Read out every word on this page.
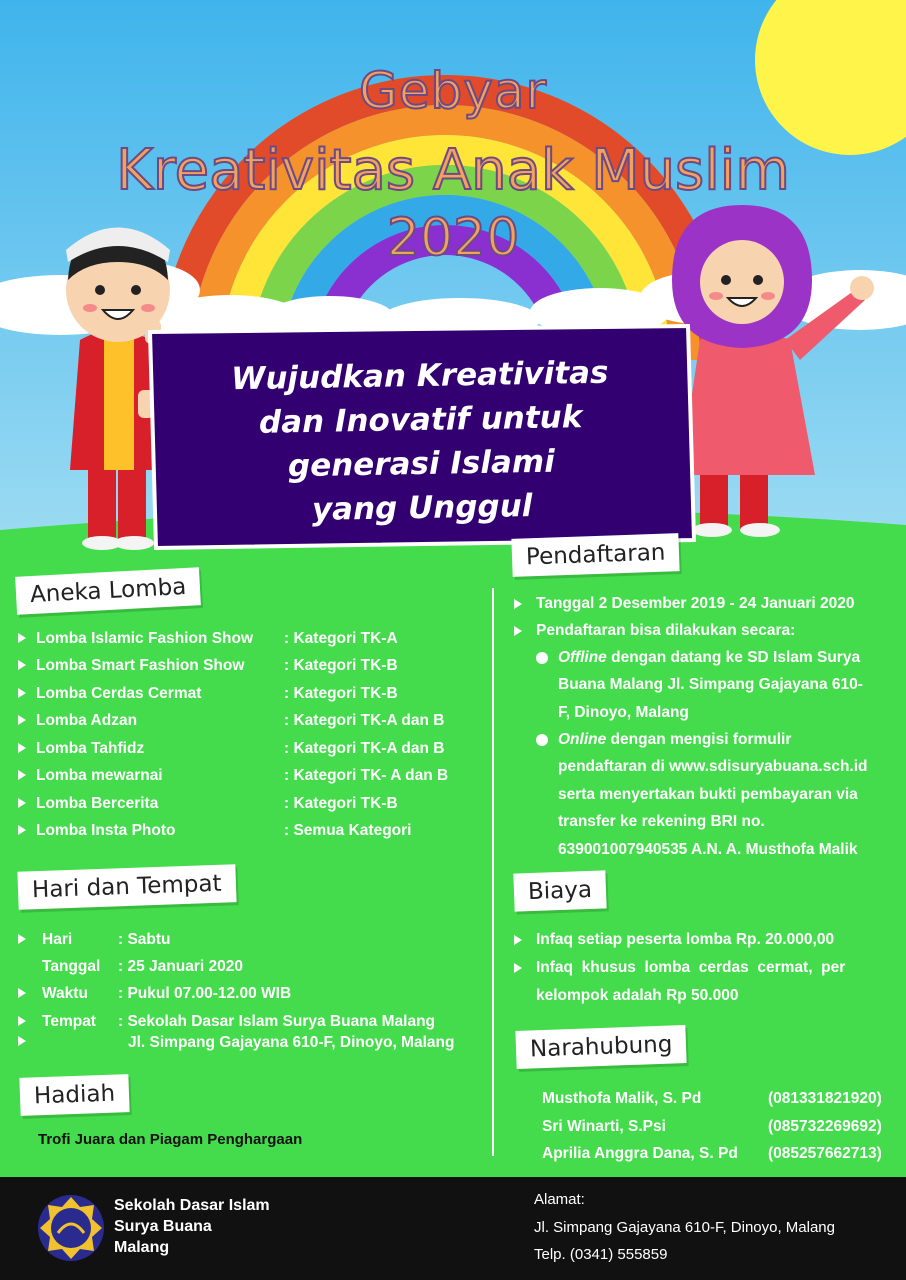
Gebyar
Kreativitas Anak Muslim
2020
Wujudkan Kreativitas
dan Inovatif untuk
generasi Islami
yang Unggul
Aneka Lomba
Lomba Islamic Fashion Show : Kategori TK-A
Lomba Smart Fashion Show	: Kategori TK-B
Lomba Cerdas Cermat	: Kategori TK-B
Lomba Adzan	: Kategori TK-A dan B
Lomba Tahfidz	: Kategori TK-A dan B
Lomba mewarnai	: Kategori TK- A dan B
Lomba Bercerita	: Kategori TK-B
Lomba Insta Photo	: Semua Kategori
Hari dan Tempat
Hari	: Sabtu
Tanggal : 25 Januari 2020
Waktu : Pukul 07.00-12.00 WIB
Tempat : Sekolah Dasar Islam Surya Buana Malang
Jl. Simpang Gajayana 610-F, Dinoyo, Malang
Hadiah
Trofi Juara dan Piagam Penghargaan
Pendaftaran
Tanggal 2 Desember 2019 - 24 Januari 2020
Pendaftaran bisa dilakukan secara:
Offline dengan datang ke SD Islam Surya
Buana Malang Jl. Simpang Gajayana 610-
F, Dinoyo, Malang
Online dengan mengisi formulir
pendaftaran di www.sdisuryabuana.sch.id
serta menyertakan bukti pembayaran via
transfer ke rekening BRI no.
639001007940535 A.N. A. Musthofa Malik
Biaya
Infaq setiap peserta lomba Rp. 20.000,00
Infaq  khusus  lomba  cerdas  cermat,  per
kelompok adalah Rp 50.000
Narahubung
Musthofa Malik, S. Pd	(081331821920)
Sri Winarti, S.Psi	(085732269692)
Aprilia Anggra Dana, S. Pd (085257662713)
Sekolah Dasar Islam
Surya Buana
Malang
Alamat:
Jl. Simpang Gajayana 610-F, Dinoyo, Malang
Telp. (0341) 555859
